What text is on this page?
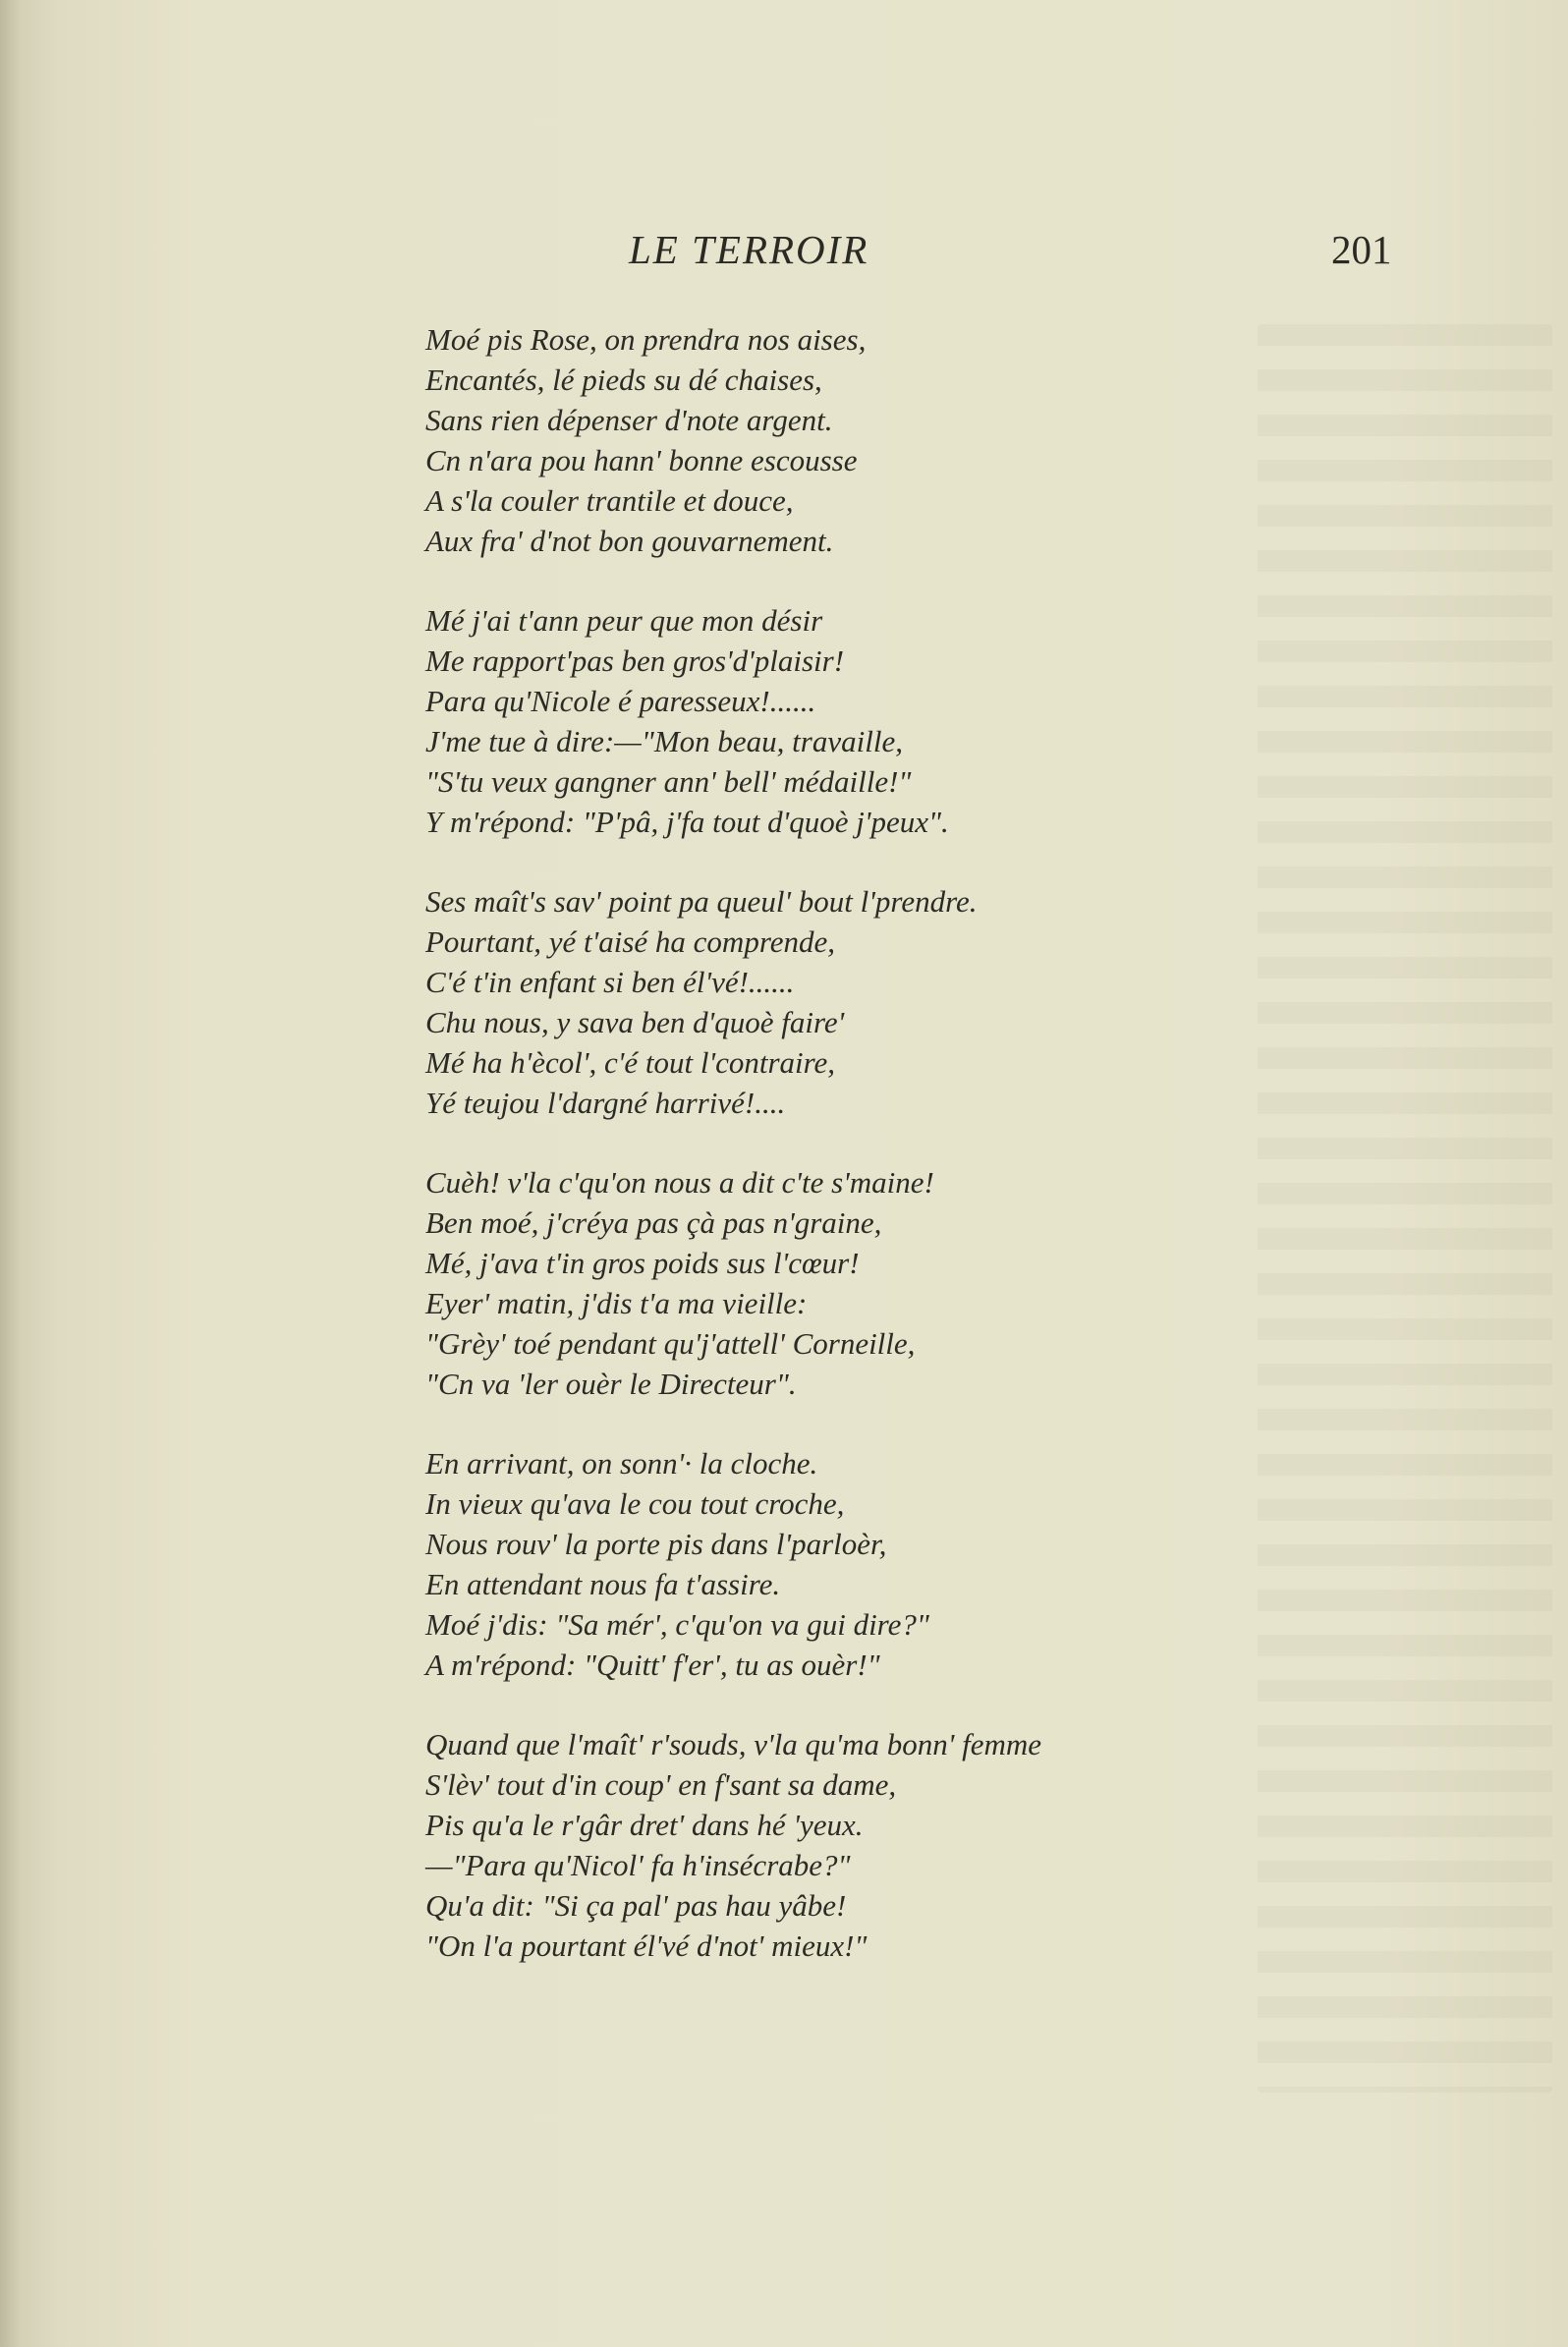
LE TERROIR	201
Moé pis Rose, on prendra nos aises,
Encantés, lé pieds su dé chaises,
Sans rien dépenser d'note argent.
Cn n'ara pou hann' bonne escousse
A s'la couler trantile et douce,
Aux fra' d'not bon gouvarnement.
Mé j'ai t'ann peur que mon désir
Me rapport'pas ben gros'd'plaisir!
Para qu'Nicole é paresseux!......
J'me tue à dire:—"Mon beau, travaille,
"S'tu veux gangner ann' bell' médaille!"
Y m'répond: "P'pâ, j'fa tout d'quoè j'peux".
Ses maît's sav' point pa queul' bout l'prendre.
Pourtant, yé t'aisé ha comprende,
C'é t'in enfant si ben él'vé!......
Chu nous, y sava ben d'quoè faire'
Mé ha h'ècol', c'é tout l'contraire,
Yé teujou l'dargné harrivé!....
Cuèh! v'la c'qu'on nous a dit c'te s'maine!
Ben moé, j'créya pas çà pas n'graine,
Mé, j'ava t'in gros poids sus l'cœur!
Eyer' matin, j'dis t'a ma vieille:
"Grèy' toé pendant qu'j'attell' Corneille,
"Cn va 'ler ouèr le Directeur".
En arrivant, on sonn'· la cloche.
In vieux qu'ava le cou tout croche,
Nous rouv' la porte pis dans l'parloèr,
En attendant nous fa t'assire.
Moé j'dis: "Sa mér', c'qu'on va gui dire?"
A m'répond: "Quitt' f'er', tu as ouèr!"
Quand que l'maît' r'souds, v'la qu'ma bonn' femme
S'lèv' tout d'in coup' en f'sant sa dame,
Pis qu'a le r'gâr dret' dans hé 'yeux.
—"Para qu'Nicol' fa h'insécrabe?"
Qu'a dit: "Si ça pal' pas hau yâbe!
"On l'a pourtant él'vé d'not' mieux!"
